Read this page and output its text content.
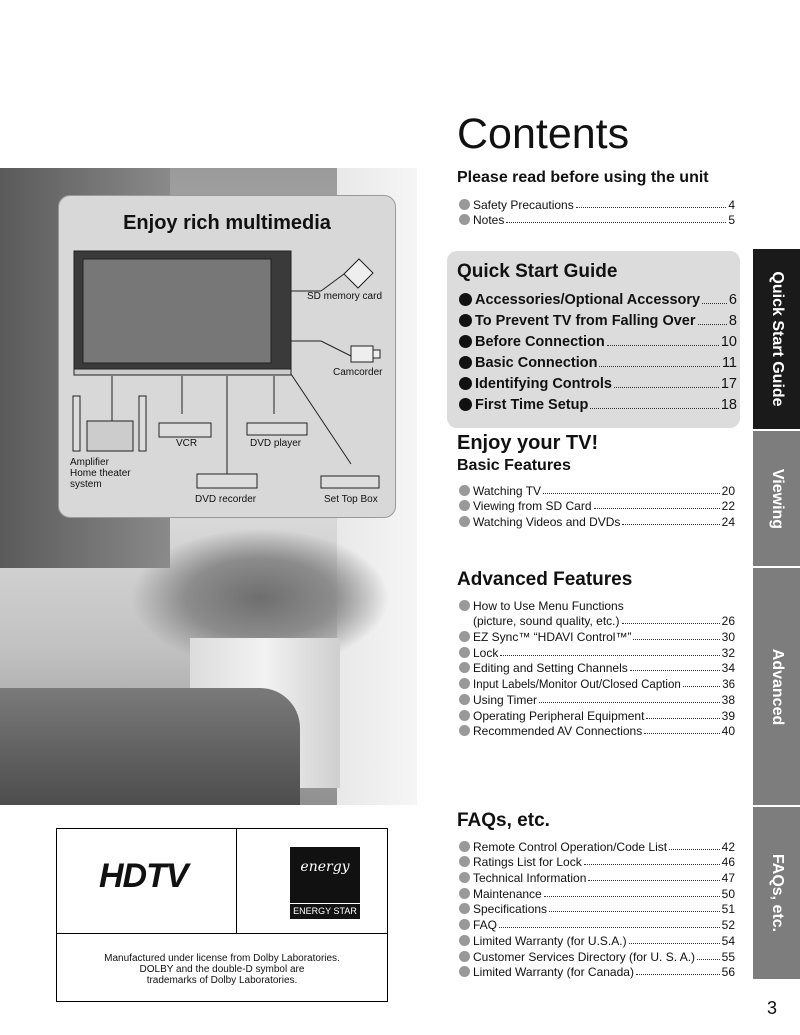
Enjoy rich multimedia
SD memory card
Camcorder
VCR	DVD player
Amplifier
Home theater
system
DVD recorder	Set Top Box
Contents
Please read before using the unit
Safety Precautions	4
Notes	5
Quick Start Guide
Accessories/Optional Accessory 6
To Prevent TV from Falling Over 8
Before Connection	10
Basic Connection	11
Identifying Controls	17
First Time Setup	18
Enjoy your TV!
Basic Features
Watching TV	20
Viewing from SD Card	22
Watching Videos and DVDs	24
Advanced Features
How to Use Menu Functions
(picture, sound quality, etc.)	26
EZ Sync™ “HDAVI Control™”	30
Lock	32
Editing and Setting Channels	34
Input Labels/Monitor Out/Closed Caption	36
Using Timer	38
Operating Peripheral Equipment	39
Recommended AV Connections	40
FAQs, etc.
Remote Control Operation/Code List	42
Ratings List for Lock	46
Technical Information	47
Maintenance	50
Specifications	51
FAQ	52
Limited Warranty (for U.S.A.)	54
Customer Services Directory (for U. S. A.) 55
Limited Warranty (for Canada)	56
Quick Start Guide
Viewing
Advanced
FAQs, etc.
HDTV	energy
ENERGY STAR
Manufactured under license from Dolby Laboratories.
DOLBY and the double-D symbol are
trademarks of Dolby Laboratories.
3
